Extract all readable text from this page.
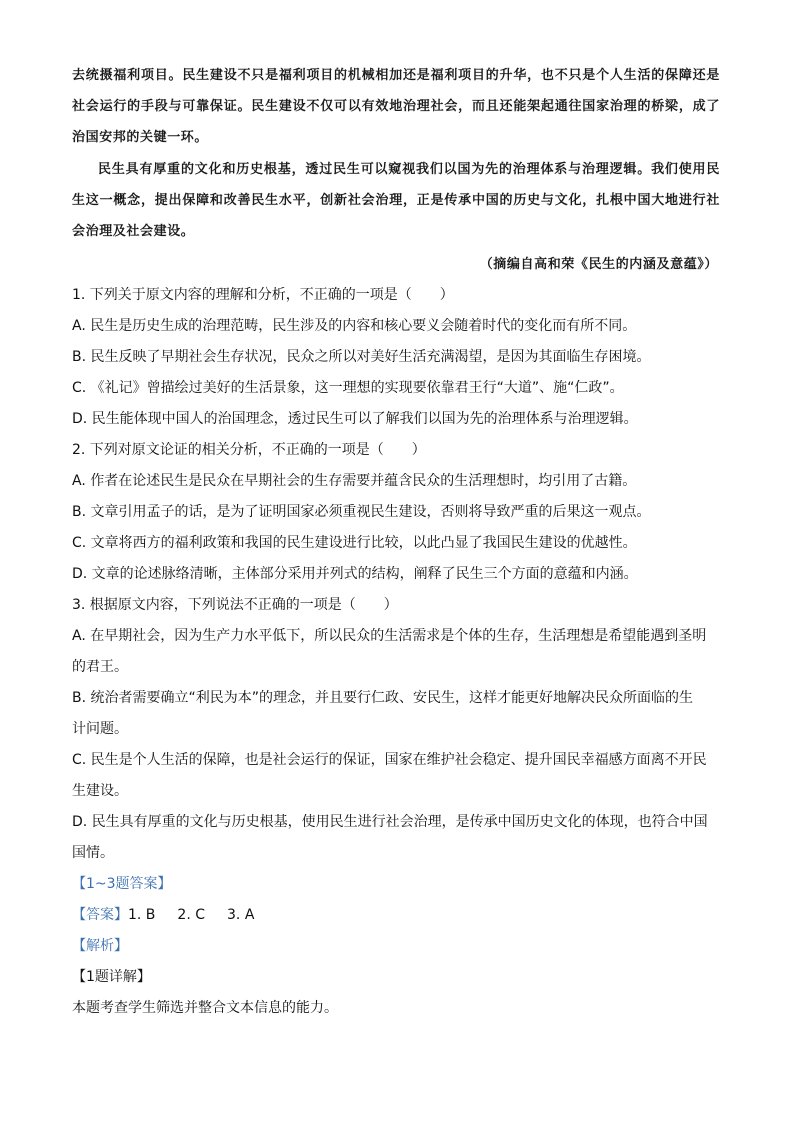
去统摄福利项目。民生建设不只是福利项目的机械相加还是福利项目的升华，也不只是个人生活的保障还是社会运行的手段与可靠保证。民生建设不仅可以有效地治理社会，而且还能架起通往国家治理的桥梁，成了治国安邦的关键一环。

民生具有厚重的文化和历史根基，透过民生可以窥视我们以国为先的治理体系与治理逻辑。我们使用民生这一概念，提出保障和改善民生水平，创新社会治理，正是传承中国的历史与文化，扎根中国大地进行社会治理及社会建设。

（摘编自高和荣《民生的内涵及意蕴》）

1. 下列关于原文内容的理解和分析，不正确的一项是（　　）

A. 民生是历史生成的治理范畴，民生涉及的内容和核心要义会随着时代的变化而有所不同。

B. 民生反映了早期社会生存状况，民众之所以对美好生活充满渴望，是因为其面临生存困境。

C. 《礼记》曾描绘过美好的生活景象，这一理想的实现要依靠君王行“大道”、施“仁政”。

D. 民生能体现中国人的治国理念，透过民生可以了解我们以国为先的治理体系与治理逻辑。

2. 下列对原文论证的相关分析，不正确的一项是（　　）

A. 作者在论述民生是民众在早期社会的生存需要并蕴含民众的生活理想时，均引用了古籍。

B. 文章引用孟子的话，是为了证明国家必须重视民生建设，否则将导致严重的后果这一观点。

C. 文章将西方的福利政策和我国的民生建设进行比较，以此凸显了我国民生建设的优越性。

D. 文章的论述脉络清晰，主体部分采用并列式的结构，阐释了民生三个方面的意蕴和内涵。

3. 根据原文内容，下列说法不正确的一项是（　　）

A. 在早期社会，因为生产力水平低下，所以民众的生活需求是个体的生存，生活理想是希望能遇到圣明

的君王。

B. 统治者需要确立“利民为本”的理念，并且要行仁政、安民生，这样才能更好地解决民众所面临的生

计问题。

C. 民生是个人生活的保障，也是社会运行的保证，国家在维护社会稳定、提升国民幸福感方面离不开民

生建设。

D. 民生具有厚重的文化与历史根基，使用民生进行社会治理，是传承中国历史文化的体现，也符合中国

国情。

【1~3题答案】

【答案】1. B 2. C 3. A

【解析】

【1题详解】

本题考查学生筛选并整合文本信息的能力。
